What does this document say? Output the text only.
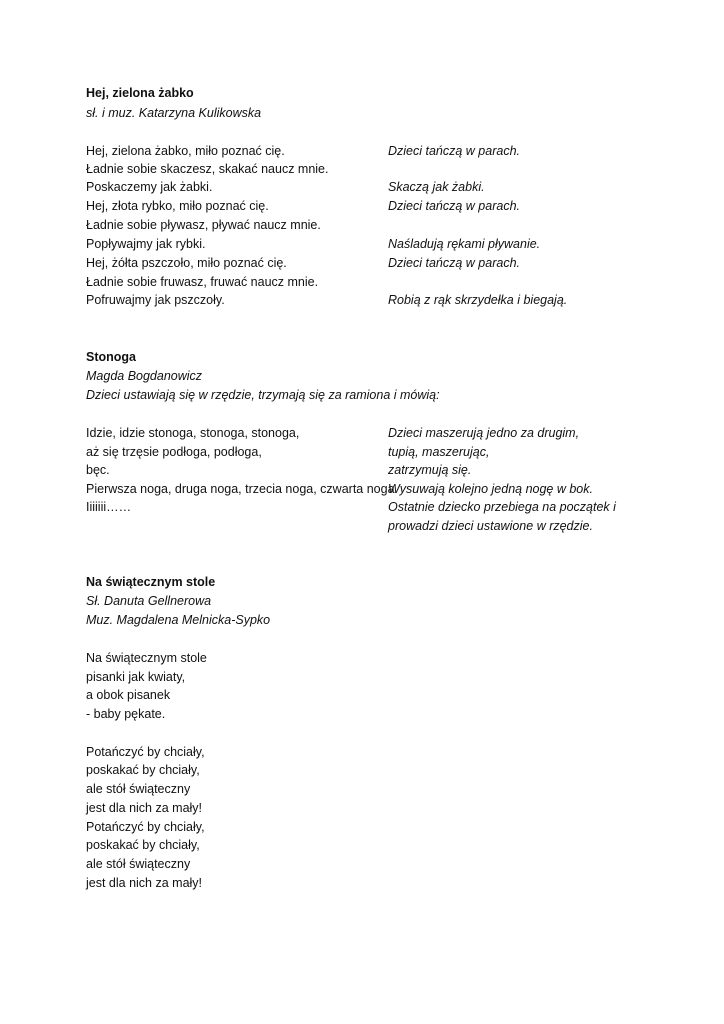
Hej, zielona żabko
sł. i muz. Katarzyna Kulikowska
Hej, zielona żabko, miło poznać cię.
Ładnie sobie skaczesz, skakać naucz mnie.
Poskaczemy jak żabki.
Hej, złota rybko, miło poznać cię.
Ładnie sobie pływasz, pływać naucz mnie.
Popływajmy jak rybki.
Hej, żółta pszczoło, miło poznać cię.
Ładnie sobie fruwasz, fruwać naucz mnie.
Pofruwajmy jak pszczoły.
Dzieci tańczą w parach.
Skaczą jak żabki.
Dzieci tańczą w parach.
Naśladują rękami pływanie.
Dzieci tańczą w parach.
Robią z rąk skrzydełka i biegają.
Stonoga
Magda Bogdanowicz
Dzieci ustawiają się w rzędzie, trzymają się za ramiona i mówią:
Idzie, idzie stonoga, stonoga, stonoga,
aż się trzęsie podłoga, podłoga,
bęc.
Pierwsza noga, druga noga, trzecia noga, czwarta noga
Iiiiiii……
Dzieci maszerują jedno za drugim,
tupią, maszerując,
zatrzymują się.
Wysuwają kolejno jedną nogę w bok.
Ostatnie dziecko przebiega na początek i
prowadzi dzieci ustawione w rzędzie.
Na świątecznym stole
Sł. Danuta Gellnerowa
Muz. Magdalena Melnicka-Sypko
Na świątecznym stole
pisanki jak kwiaty,
a obok pisanek
- baby pękate.
Potańczyć by chciały,
poskakać by chciały,
ale stół świąteczny
jest dla nich za mały!
Potańczyć by chciały,
poskakać by chciały,
ale stół świąteczny
jest dla nich za mały!
